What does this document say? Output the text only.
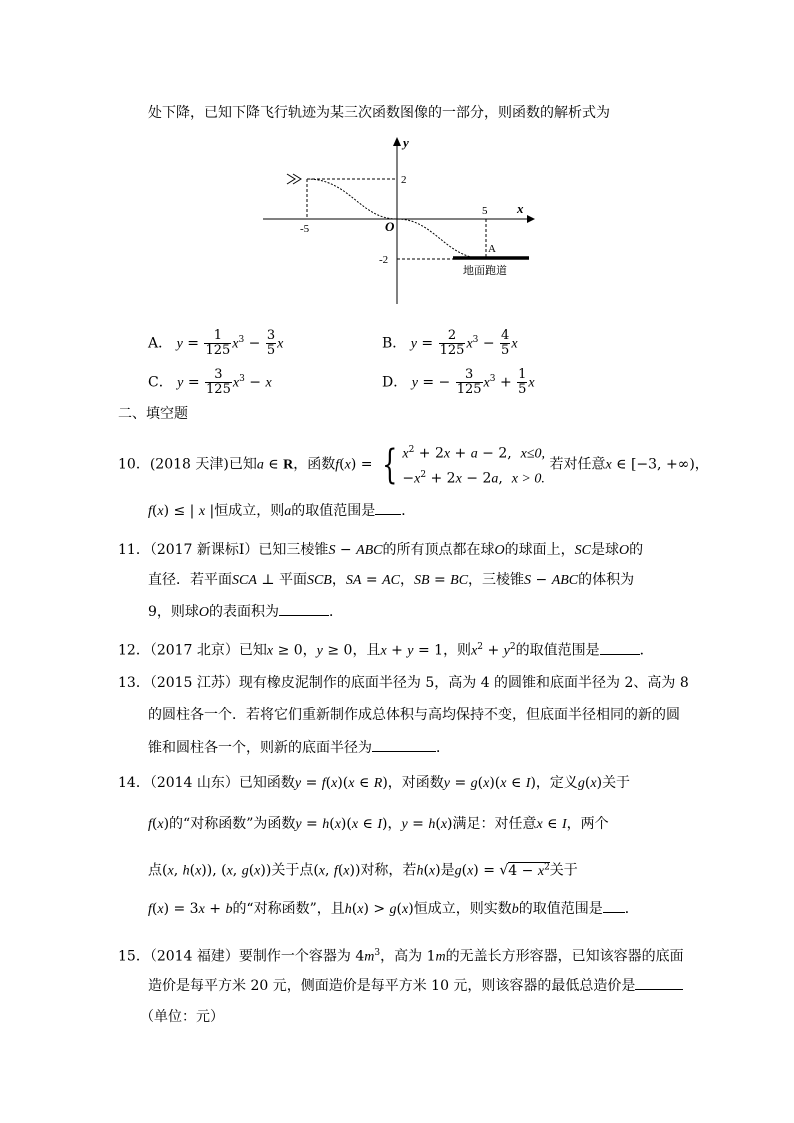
处下降，已知下降飞行轨迹为某三次函数图像的一部分，则函数的解析式为
y
x
O
-5
5
2
-2
A
地面跑道
A． $y = \frac{1}{125} x^3 - \frac{3}{5}$ x	B． $y = \frac{2}{125} x^3 - \frac{4}{5}$ x
C． $y = \frac{3}{125} x^3 - x$	D． y = − $\frac{3}{125} x^3 + \frac{1}{5}$ x
二、填空题
10．(2018 天津)已知a ∈ R，函数f(x) = { $x^2 + 2x + a - 2$,  x≤0,
$-x^2 + 2x - 2a$,  x > 0.
若对任意x ∈ [−3, +∞)，
f(x) ≤ | x |恒成立，则a的取值范围是 ．
11．（2017 新课标Ⅰ）已知三棱锥S − ABC的所有顶点都在球O的球面上，SC是球O的
直径．若平面SCA ⊥ 平面SCB，SA = AC，SB = BC，三棱锥S − ABC的体积为
9，则球O的表面积为	．
12．（2017 北京）已知x ≥ 0，y ≥ 0，且x + y = 1，则$x^2 + y^2$的取值范围是	．
13．（2015 江苏）现有橡皮泥制作的底面半径为 5，高为 4 的圆锥和底面半径为 2、高为 8
的圆柱各一个．若将它们重新制作成总体积与高均保持不变，但底面半径相同的新的圆
锥和圆柱各一个，则新的底面半径为	．
14．（2014 山东）已知函数y = f(x)(x ∈ R)，对函数y = g(x)(x ∈ I)，定义g(x)关于
f(x)的“对称函数”为函数y = h(x)(x ∈ I)，y = h(x)满足：对任意x ∈ I，两个
点(x, h(x)), (x, g(x))关于点(x, f(x))对称，若h(x)是$g(x) = √4 - x^2$关于
f(x) = 3x + b的“对称函数”，且h(x) > g(x)恒成立，则实数b的取值范围是 ．
15．（2014 福建）要制作一个容器为 $4m^3$，高为 1m的无盖长方形容器，已知该容器的底面
造价是每平方米 20 元，侧面造价是每平方米 10 元，则该容器的最低总造价是
（单位：元）
